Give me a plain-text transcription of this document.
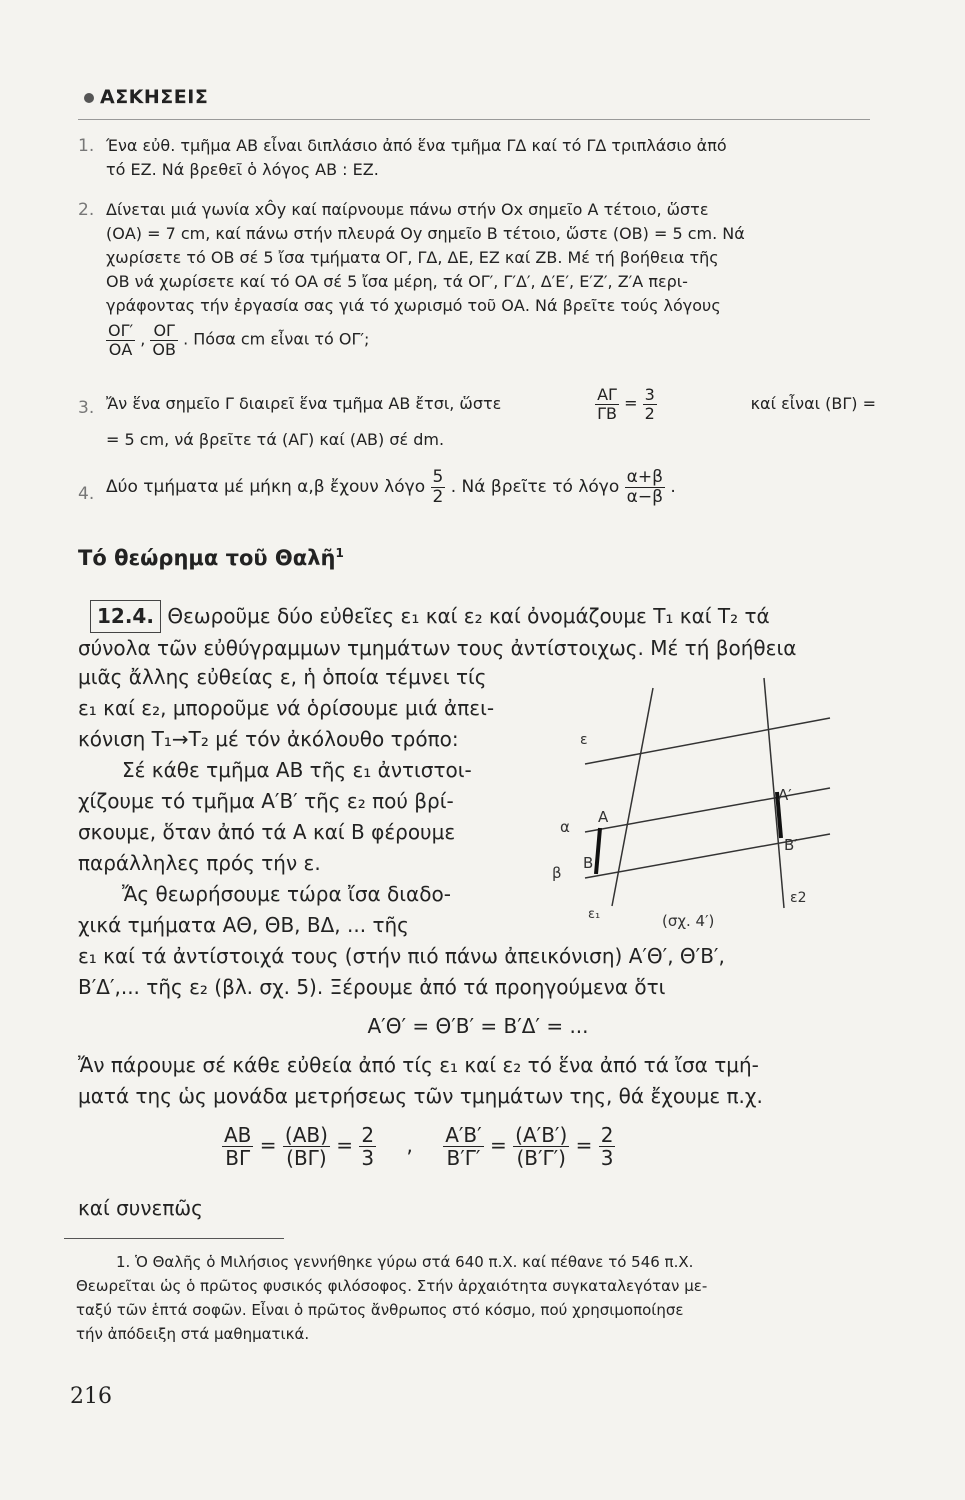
ΑΣΚΗΣΕΙΣ
1. Ένα εὐθ. τμῆμα ΑΒ εἶναι διπλάσιο ἀπό ἕνα τμῆμα ΓΔ καί τό ΓΔ τριπλάσιο ἀπό
τό ΕΖ. Νά βρεθεῖ ὁ λόγος ΑΒ : ΕΖ.
2. Δίνεται μιά γωνία xÔy καί παίρνουμε πάνω στήν Ox σημεῖο Α τέτοιο, ὥστε
(ΟΑ) = 7 cm, καί πάνω στήν πλευρά Oy σημεῖο Β τέτοιο, ὥστε (ΟΒ) = 5 cm. Νά
χωρίσετε τό ΟΒ σέ 5 ἴσα τμήματα ΟΓ, ΓΔ, ΔΕ, ΕΖ καί ΖΒ. Μέ τή βοήθεια τῆς
ΟΒ νά χωρίσετε καί τό ΟΑ σέ 5 ἴσα μέρη, τά ΟΓ′, Γ′Δ′, Δ′Ε′, Ε′Ζ′, Ζ′Α περι-
γράφοντας τήν ἐργασία σας γιά τό χωρισμό τοῦ ΟΑ. Νά βρεῖτε τούς λόγους
$\frac{O\Gamma'}{OA}$ , $\frac{O\Gamma}{OB}$ . Πόσα cm εἶναι τό ΟΓ′;
3. Ἄν ἕνα σημεῖο Γ διαιρεῖ ἕνα τμῆμα ΑΒ ἔτσι, ὥστε	$\frac{A\Gamma}{\Gamma B} = \frac{3}{2}$	καί εἶναι (ΒΓ) =
= 5 cm, νά βρεῖτε τά (ΑΓ) καί (ΑΒ) σέ dm.
4. Δύο τμήματα μέ μήκη α,β ἔχουν λόγο $\frac{5}{2}$ . Νά βρεῖτε τό λόγο $\frac{\alpha+\beta}{\alpha-\beta}$ .
Τό θεώρημα τοῦ Θαλῆ$^1$
12.4. Θεωροῦμε δύο εὐθεῖες ε₁ καί ε₂ καί ὀνομάζουμε Τ₁ καί Τ₂ τά
σύνολα τῶν εὐθύγραμμων τμημάτων τους ἀντίστοιχως. Μέ τή βοήθεια
μιᾶς ἄλλης εὐθείας ε, ἡ ὁποία τέμνει τίς
ε₁ καί ε₂, μποροῦμε νά ὁρίσουμε μιά ἀπει-
κόνιση Τ₁→Τ₂ μέ τόν ἀκόλουθο τρόπο:
Σέ κάθε τμῆμα ΑΒ τῆς ε₁ ἀντιστοι-
χίζουμε τό τμῆμα Α′Β′ τῆς ε₂ πού βρί-
σκουμε, ὅταν ἀπό τά Α καί Β φέρουμε
παράλληλες πρός τήν ε.
Ἄς θεωρήσουμε τώρα ἴσα διαδο-
χικά τμήματα ΑΘ, ΘΒ, ΒΔ, ... τῆς
ε
Α
α
Β
β
ε₁
Α′
Β′
ε2
(σχ. 4′)
ε₁ καί τά ἀντίστοιχά τους (στήν πιό πάνω ἀπεικόνιση) Α′Θ′, Θ′Β′,
Β′Δ′,... τῆς ε₂ (βλ. σχ. 5). Ξέρουμε ἀπό τά προηγούμενα ὅτι
Α′Θ′ = Θ′Β′ = Β′Δ′ = ...
Ἄν πάρουμε σέ κάθε εὐθεία ἀπό τίς ε₁ καί ε₂ τό ἕνα ἀπό τά ἴσα τμή-
ματά της ὡς μονάδα μετρήσεως τῶν τμημάτων της, θά ἔχουμε π.χ.
$\frac{AB}{B\Gamma} = \frac{(AB)}{(B\Gamma)} = \frac{2}{3}$ , $\frac{A'B'}{B'\Gamma'} = \frac{(A'B')}{(B'\Gamma')} = \frac{2}{3}$
καί συνεπῶς
1. Ὁ Θαλῆς ὁ Μιλήσιος γεννήθηκε γύρω στά 640 π.Χ. καί πέθανε τό 546 π.Χ.
Θεωρεῖται ὡς ὁ πρῶτος φυσικός φιλόσοφος. Στήν ἀρχαιότητα συγκαταλεγόταν με-
ταξύ τῶν ἑπτά σοφῶν. Εἶναι ὁ πρῶτος ἄνθρωπος στό κόσμο, πού χρησιμοποίησε
τήν ἀπόδειξη στά μαθηματικά.
216
